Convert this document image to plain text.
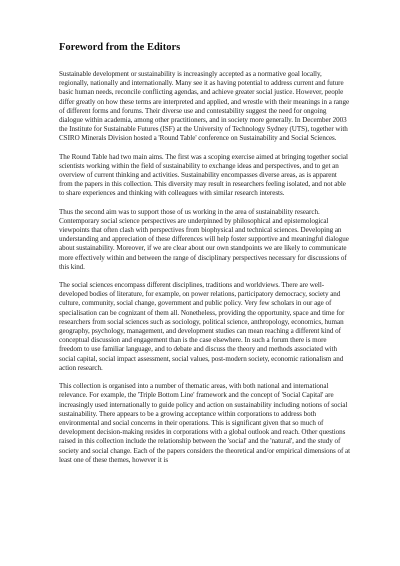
Foreword from the Editors

Sustainable development or sustainability is increasingly accepted as a normative goal locally, regionally, nationally and internationally. Many see it as having potential to address current and future basic human needs, reconcile conflicting agendas, and achieve greater social justice. However, people differ greatly on how these terms are interpreted and applied, and wrestle with their meanings in a range of different forms and forums. Their diverse use and contestability suggest the need for ongoing dialogue within academia, among other practitioners, and in society more generally. In December 2003 the Institute for Sustainable Futures (ISF) at the University of Technology Sydney (UTS), together with CSIRO Minerals Division hosted a 'Round Table' conference on Sustainability and Social Sciences.

The Round Table had two main aims. The first was a scoping exercise aimed at bringing together social scientists working within the field of sustainability to exchange ideas and perspectives, and to get an overview of current thinking and activities. Sustainability encompasses diverse areas, as is apparent from the papers in this collection. This diversity may result in researchers feeling isolated, and not able to share experiences and thinking with colleagues with similar research interests.

Thus the second aim was to support those of us working in the area of sustainability research. Contemporary social science perspectives are underpinned by philosophical and epistemological viewpoints that often clash with perspectives from biophysical and technical sciences. Developing an understanding and appreciation of these differences will help foster supportive and meaningful dialogue about sustainability. Moreover, if we are clear about our own standpoints we are likely to communicate more effectively within and between the range of disciplinary perspectives necessary for discussions of this kind.

The social sciences encompass different disciplines, traditions and worldviews. There are well-developed bodies of literature, for example, on power relations, participatory democracy, society and culture, community, social change, government and public policy. Very few scholars in our age of specialisation can be cognizant of them all. Nonetheless, providing the opportunity, space and time for researchers from social sciences such as sociology, political science, anthropology, economics, human geography, psychology, management, and development studies can mean reaching a different kind of conceptual discussion and engagement than is the case elsewhere. In such a forum there is more freedom to use familiar language, and to debate and discuss the theory and methods associated with social capital, social impact assessment, social values, post-modern society, economic rationalism and action research.

This collection is organised into a number of thematic areas, with both national and international relevance. For example, the 'Triple Bottom Line' framework and the concept of 'Social Capital' are increasingly used internationally to guide policy and action on sustainability including notions of social sustainability. There appears to be a growing acceptance within corporations to address both environmental and social concerns in their operations. This is significant given that so much of development decision-making resides in corporations with a global outlook and reach. Other questions raised in this collection include the relationship between the 'social' and the 'natural', and the study of society and social change. Each of the papers considers the theoretical and/or empirical dimensions of at least one of these themes, however it is
